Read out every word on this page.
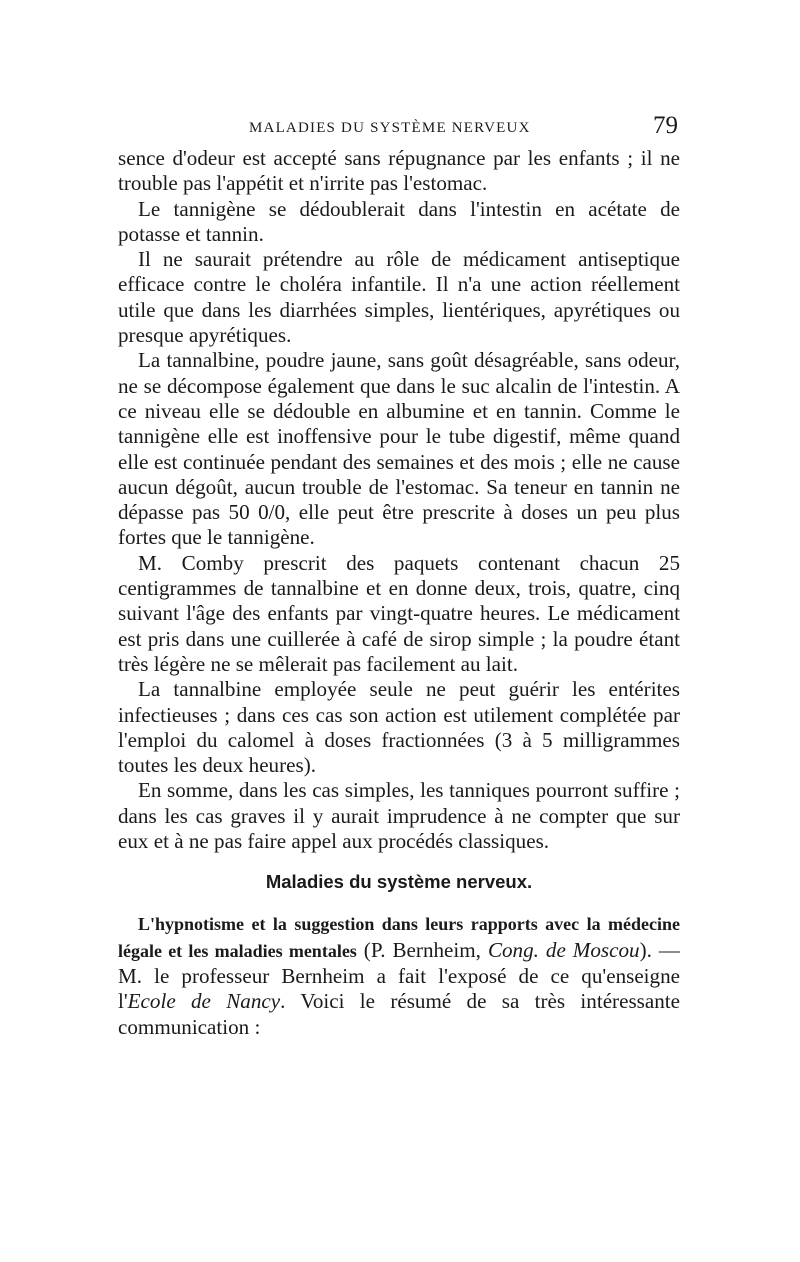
MALADIES DU SYSTÈME NERVEUX	79

sence d'odeur est accepté sans répugnance par les enfants ; il ne trouble pas l'appétit et n'irrite pas l'estomac.

Le tannigène se dédoublerait dans l'intestin en acétate de potasse et tannin.

Il ne saurait prétendre au rôle de médicament antiseptique efficace contre le choléra infantile. Il n'a une action réellement utile que dans les diarrhées simples, lientériques, apyrétiques ou presque apyrétiques.

La tannalbine, poudre jaune, sans goût désagréable, sans odeur, ne se décompose également que dans le suc alcalin de l'intestin. A ce niveau elle se dédouble en albumine et en tannin. Comme le tannigène elle est inoffensive pour le tube digestif, même quand elle est continuée pendant des semaines et des mois ; elle ne cause aucun dégoût, aucun trouble de l'estomac. Sa teneur en tannin ne dépasse pas 50 0/0, elle peut être prescrite à doses un peu plus fortes que le tannigène.

M. Comby prescrit des paquets contenant chacun 25 centigrammes de tannalbine et en donne deux, trois, quatre, cinq suivant l'âge des enfants par vingt-quatre heures. Le médicament est pris dans une cuillerée à café de sirop simple ; la poudre étant très légère ne se mêlerait pas facilement au lait.

La tannalbine employée seule ne peut guérir les entérites infectieuses ; dans ces cas son action est utilement complétée par l'emploi du calomel à doses fractionnées (3 à 5 milligrammes toutes les deux heures).

En somme, dans les cas simples, les tanniques pourront suffire ; dans les cas graves il y aurait imprudence à ne compter que sur eux et à ne pas faire appel aux procédés classiques.

Maladies du système nerveux.

L'hypnotisme et la suggestion dans leurs rapports avec la médecine légale et les maladies mentales (P. Bernheim, Cong. de Moscou). — M. le professeur Bernheim a fait l'exposé de ce qu'enseigne l'Ecole de Nancy. Voici le résumé de sa très intéressante communication :
